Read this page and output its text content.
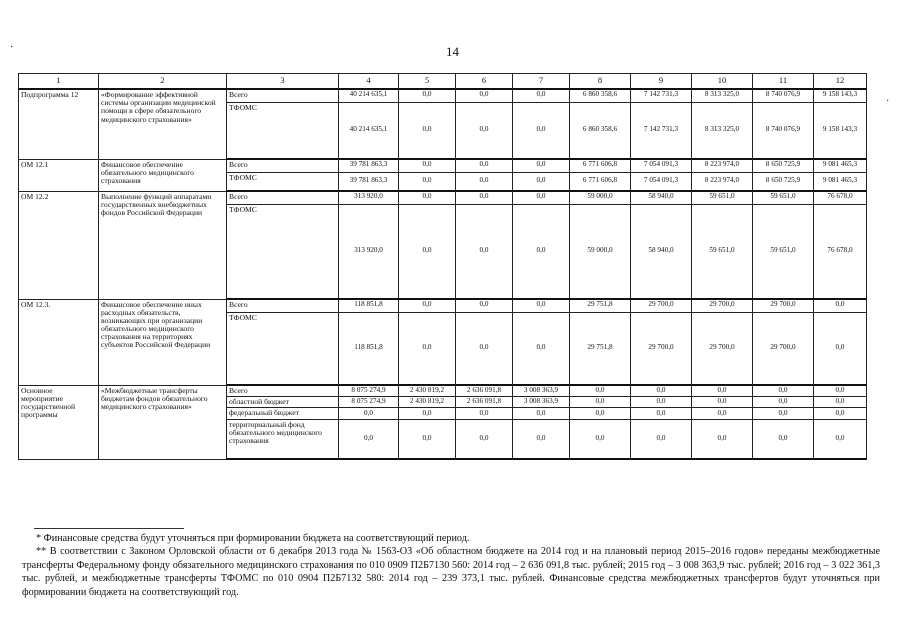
14
·
·
1	2	3	4	5	6	7	8	9	10	11	12
Подпрограмма 12	«Формирование эффективной системы организации медицинской помощи в сфере обязательного медицинского страхования»	Всего	40 214 635,1	0,0	0,0	0,0	6 860 358,6	7 142 731,3	8 313 325,0	8 740 076,9	9 158 143,3
		ТФОМС	40 214 635,1	0,0	0,0	0,0	6 860 358,6	7 142 731,3	8 313 325,0	8 740 076,9	9 158 143,3
ОМ 12.1	Финансовое обеспечение обязательного медицинского страхования	Всего	39 781 863,3	0,0	0,0	0,0	6 771 606,8	7 054 091,3	8 223 974,0	8 650 725,9	9 081 465,3
		ТФОМС	39 781 863,3	0,0	0,0	0,0	6 771 606,8	7 054 091,3	8 223 974,0	8 650 725,9	9 081 465,3
ОМ 12.2	Выполнение функций аппаратами государственных внебюджетных фондов Российской Федерации	Всего	313 920,0	0,0	0,0	0,0	59 000,0	58 940,0	59 651,0	59 651,0	76 678,0
		ТФОМС	313 920,0	0,0	0,0	0,0	59 000,0	58 940,0	59 651,0	59 651,0	76 678,0
ОМ 12.3.	Финансовое обеспечение иных расходных обязательств, возникающих при организации обязательного медицинского страхования на территориях субъектов Российской Федерации	Всего	118 851,8	0,0	0,0	0,0	29 751,8	29 700,0	29 700,0	29 700,0	0,0
		ТФОМС	118 851,8	0,0	0,0	0,0	29 751,8	29 700,0	29 700,0	29 700,0	0,0
Основное мероприятие государственной программы	«Межбюджетные трансферты бюджетам фондов обязательного медицинского страхования»	Всего	8 075 274,9	2 430 819,2	2 636 091,8	3 008 363,9	0,0	0,0	0,0	0,0	0,0
		областной бюджет	8 075 274,9	2 430 819,2	2 636 091,8	3 008 363,9	0,0	0,0	0,0	0,0	0,0
		федеральный бюджет	0,0	0,0	0,0	0,0	0,0	0,0	0,0	0,0	0,0
		территориальный фонд обязательного медицинского страхования	0,0	0,0	0,0	0,0	0,0	0,0	0,0	0,0	0,0

* Финансовые средства будут уточняться при формировании бюджета на соответствующий период.

** В соответствии с Законом Орловской области от 6 декабря 2013 года № 1563-ОЗ «Об областном бюджете на 2014 год и на плановый период 2015–2016 годов» переданы межбюджетные трансферты Федеральному фонду обязательного медицинского страхования по 010 0909 П2Б7130 560: 2014 год – 2 636 091,8 тыс. рублей; 2015 год – 3 008 363,9 тыс. рублей; 2016 год – 3 022 361,3 тыс. рублей, и межбюджетные трансферты ТФОМС по 010 0904 П2Б7132 580: 2014 год – 239 373,1 тыс. рублей. Финансовые средства межбюджетных трансфертов будут уточняться при формировании бюджета на соответствующий год.
